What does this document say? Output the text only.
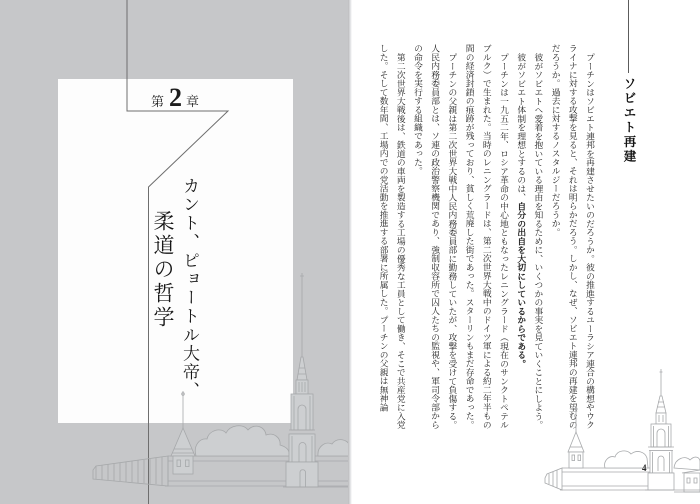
第 2 章
カント、ピョートル大帝、
柔道の哲学
ソビエト再建

プーチンはソビエト連邦を再建させたいのだろうか。彼の推進するユーラシア連合の構想やウクライナに対する攻撃を見ると、それは明らかだろう。しかし、なぜ、ソビエト連邦の再建を望むのだろうか。過去に対するノスタルジーだろうか。

彼がソビエトへ愛着を抱いている理由を知るために、いくつかの事実を見ていくことにしよう。

彼がソビエト体制を理想とするのは、自分の出自を大切にしているからである。

プーチンは一九五二年、ロシア革命の中心地ともなったレニングラード（現在のサンクトペテルブルク）で生まれた。当時のレニングラードは、第二次世界大戦中のドイツ軍による約二年半もの間の経済封鎖の痕跡が残っており、貧しく荒廃した街であった。スターリンもまだ存命であった。

プーチンの父親は第二次世界大戦中人民内務委員部に勤務していたが、攻撃を受けて負傷する。人民内務委員部とは、ソ連の政治警察機関であり、強制収容所で囚人たちの監視や、軍司令部からの命令を実行する組織であった。

第二次世界大戦後は、鉄道の車両を製造する工場の優秀な工員として働き、そこで共産党に入党した。そして数年間、工場内での党活動を推進する部署に所属した。プーチンの父親は無神論

4
